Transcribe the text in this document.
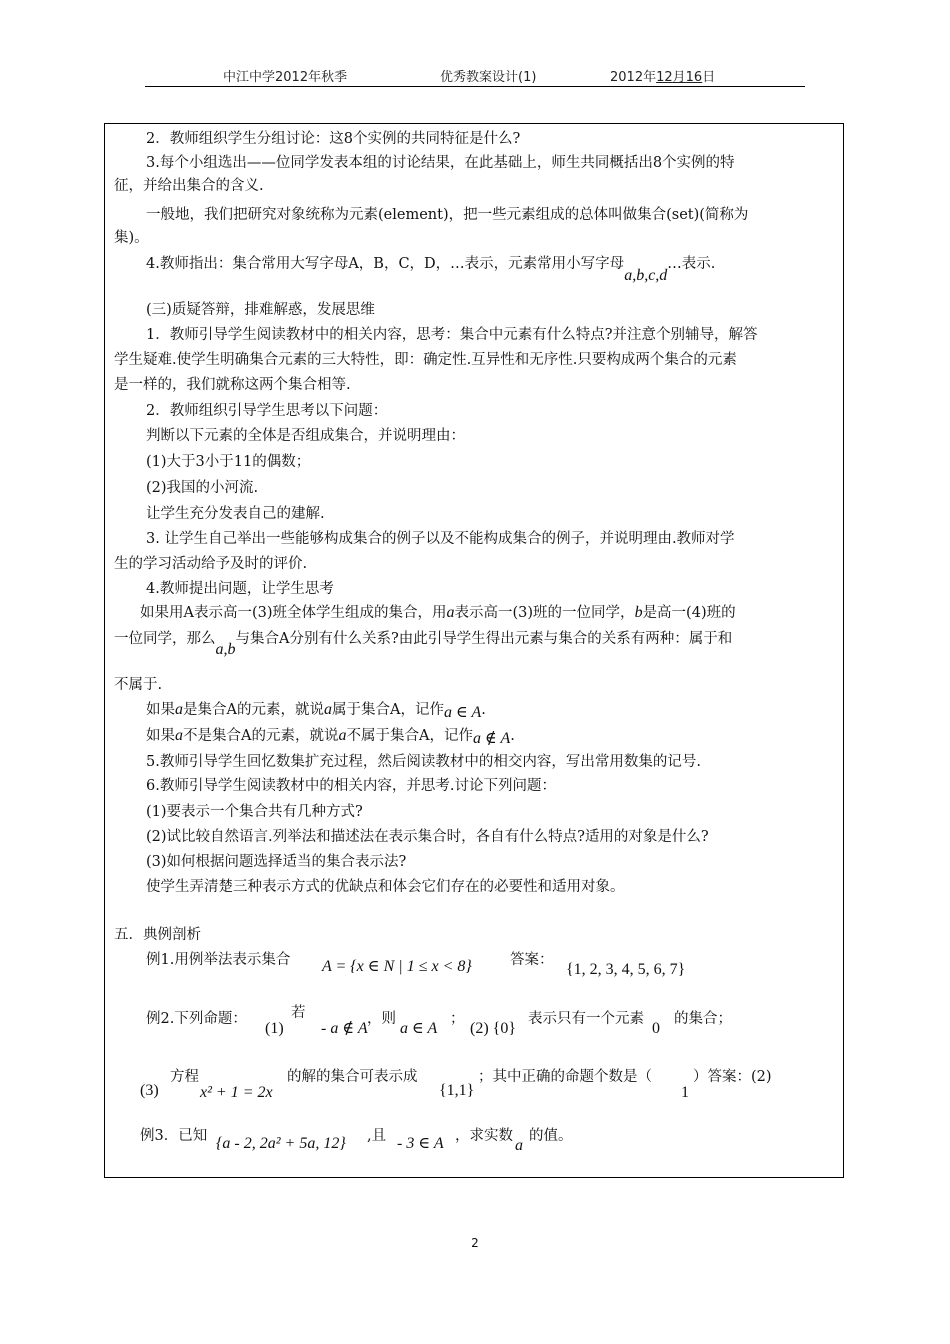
中江中学2012年秋季	优秀教案设计(1)	2012年12月16日
2．教师组织学生分组讨论：这8个实例的共同特征是什么?
3.每个小组选出——位同学发表本组的讨论结果，在此基础上，师生共同概括出8个实例的特
征，并给出集合的含义.
一般地，我们把研究对象统称为元素(element)，把一些元素组成的总体叫做集合(set)(简称为
集)。
4.教师指出：集合常用大写字母A，B，C，D，…表示，元素常用小写字母a,b,c,d…表示.
(三)质疑答辩，排难解惑，发展思维
1．教师引导学生阅读教材中的相关内容，思考：集合中元素有什么特点?并注意个别辅导，解答
学生疑难.使学生明确集合元素的三大特性，即：确定性.互异性和无序性.只要构成两个集合的元素
是一样的，我们就称这两个集合相等.
2．教师组织引导学生思考以下问题：
判断以下元素的全体是否组成集合，并说明理由：
(1)大于3小于11的偶数；
(2)我国的小河流.
让学生充分发表自己的建解.
3. 让学生自己举出一些能够构成集合的例子以及不能构成集合的例子，并说明理由.教师对学
生的学习活动给予及时的评价.
4.教师提出问题，让学生思考
如果用A表示高一(3)班全体学生组成的集合，用a表示高一(3)班的一位同学，b是高一(4)班的
一位同学，那么a,b与集合A分别有什么关系?由此引导学生得出元素与集合的关系有两种：属于和
不属于.
如果a是集合A的元素，就说a属于集合A，记作a ∈ A.
如果a不是集合A的元素，就说a不属于集合A，记作a ∉ A.
5.教师引导学生回忆数集扩充过程，然后阅读教材中的相交内容，写出常用数集的记号.
6.教师引导学生阅读教材中的相关内容，并思考.讨论下列问题：
(1)要表示一个集合共有几种方式?
(2)试比较自然语言.列举法和描述法在表示集合时，各自有什么特点?适用的对象是什么?
(3)如何根据问题选择适当的集合表示法?
使学生弄清楚三种表示方式的优缺点和体会它们存在的必要性和适用对象。
五．典例剖析
例1.用例举法表示集合 A = {x ∈ N | 1 ≤ x < 8}	答案：
{1, 2, 3, 4, 5, 6, 7}
例2.下列命题：
(1)
若
- a ∉ A
，则
a ∈ A
；
(2) {0}
表示只有一个元素
0
的集合；
(3)
方程
x² + 1 = 2x
的解的集合可表示成
{1,1}
；其中正确的命题个数是（
1
）答案：(2)
例3．已知 {a - 2, 2a² + 5a, 12} ,且 - 3 ∈ A ，求实数
a
的值。
2
